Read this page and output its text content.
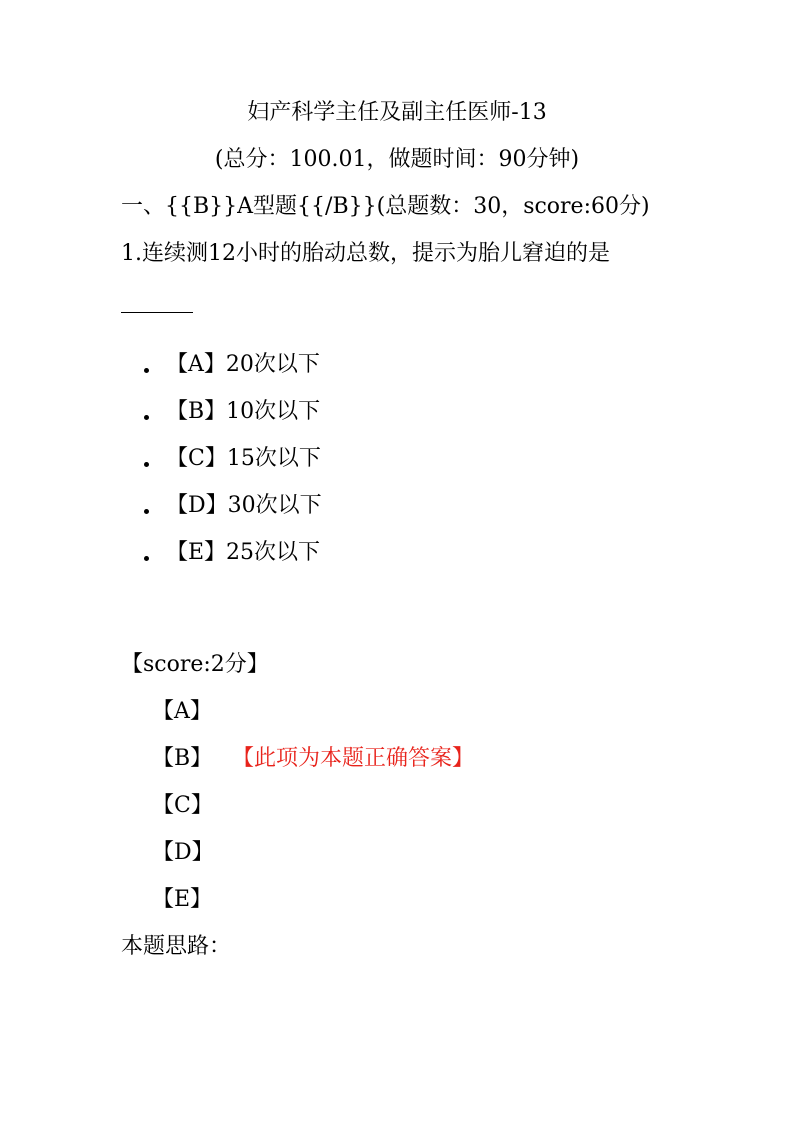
妇产科学主任及副主任医师-13
(总分：100.01，做题时间：90分钟)
一、{{B}}A型题{{/B}}(总题数：30，score:60分)
1.连续测12小时的胎动总数，提示为胎儿窘迫的是
【A】20次以下
【B】10次以下
【C】15次以下
【D】30次以下
【E】25次以下
【score:2分】
【A】
【B】 【此项为本题正确答案】
【C】
【D】
【E】
本题思路：
